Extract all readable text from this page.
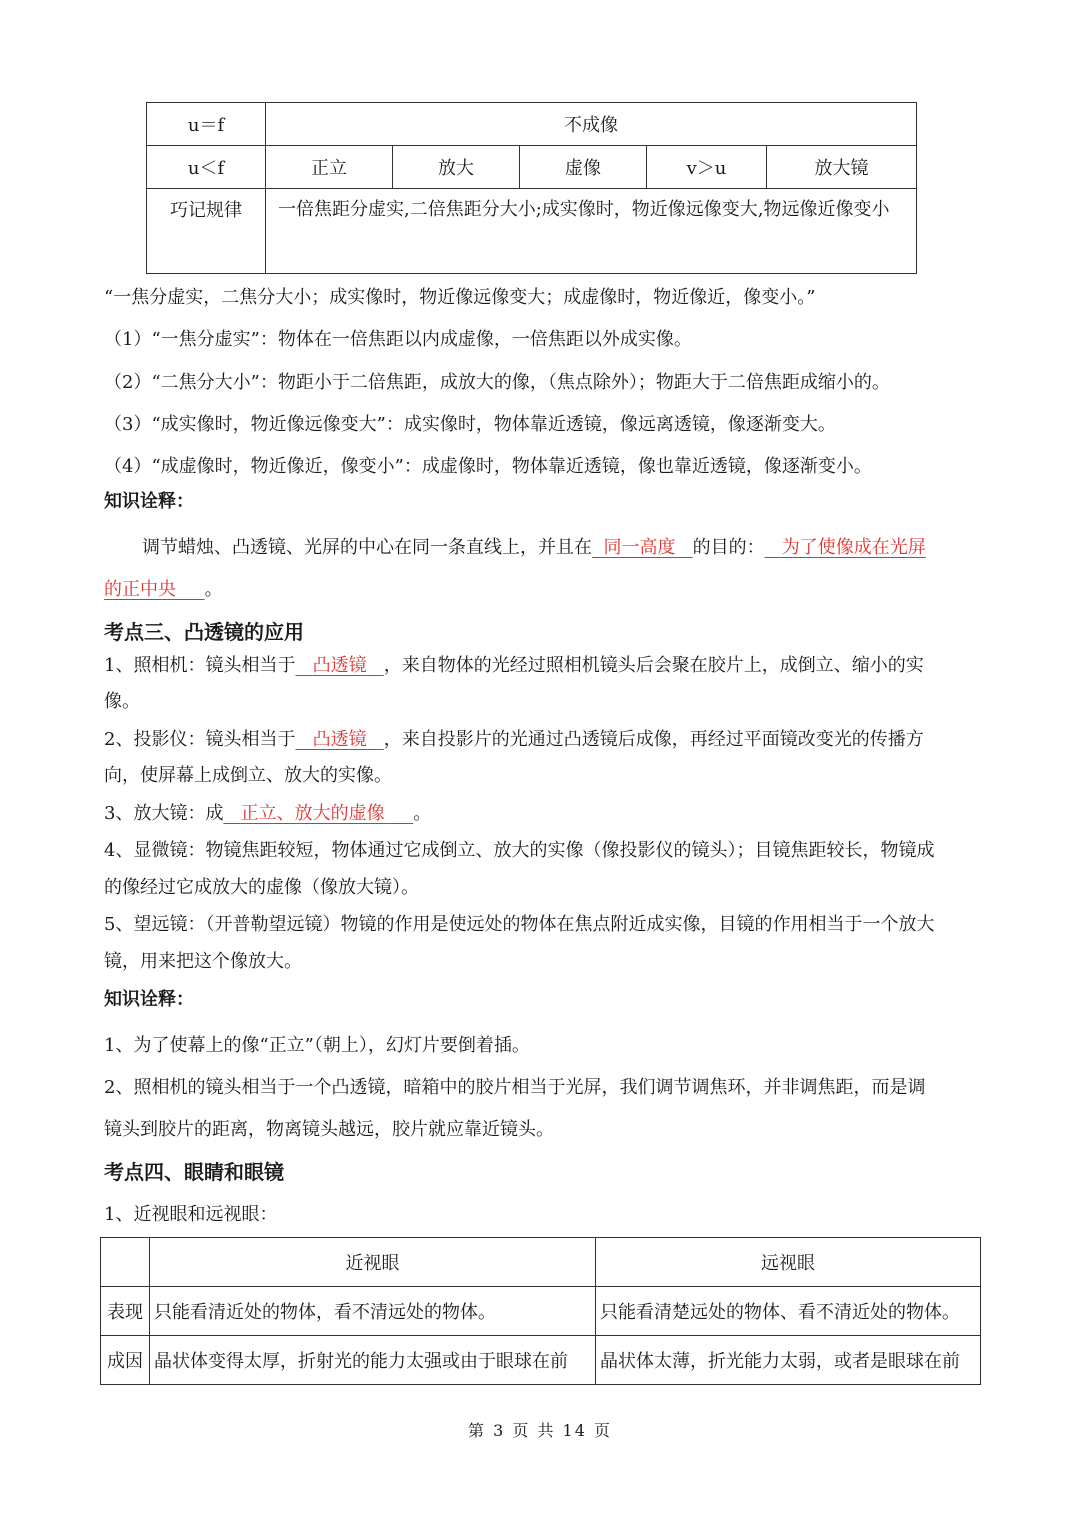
u＝f	不成像				
u＜f	正立	放大	虚像	v＞u	放大镜
巧记规律	一倍焦距分虚实,二倍焦距分大小;成实像时，物近像远像变大,物远像近像变小				
“一焦分虚实，二焦分大小；成实像时，物近像远像变大；成虚像时，物近像近，像变小。”
（1）“一焦分虚实”：物体在一倍焦距以内成虚像，一倍焦距以外成实像。
（2）“二焦分大小”：物距小于二倍焦距，成放大的像，（焦点除外）；物距大于二倍焦距成缩小的。
（3）“成实像时，物近像远像变大”：成实像时，物体靠近透镜，像远离透镜，像逐渐变大。
（4）“成虚像时，物近像近，像变小”：成虚像时，物体靠近透镜，像也靠近透镜，像逐渐变小。
知识诠释：
调节蜡烛、凸透镜、光屏的中心在同一条直线上，并且在 同一高度 的目的： 为了使像成在光屏
的正中央 。
考点三、凸透镜的应用
1、照相机：镜头相当于 凸透镜 ，来自物体的光经过照相机镜头后会聚在胶片上，成倒立、缩小的实
像。
2、投影仪：镜头相当于 凸透镜 ，来自投影片的光通过凸透镜后成像，再经过平面镜改变光的传播方
向，使屏幕上成倒立、放大的实像。
3、放大镜：成 正立、放大的虚像 。
4、显微镜：物镜焦距较短，物体通过它成倒立、放大的实像（像投影仪的镜头）；目镜焦距较长，物镜成
的像经过它成放大的虚像（像放大镜）。
5、望远镜：（开普勒望远镜）物镜的作用是使远处的物体在焦点附近成实像，目镜的作用相当于一个放大
镜，用来把这个像放大。
知识诠释：
1、为了使幕上的像“正立”（朝上），幻灯片要倒着插。
2、照相机的镜头相当于一个凸透镜，暗箱中的胶片相当于光屏，我们调节调焦环，并非调焦距，而是调
镜头到胶片的距离，物离镜头越远，胶片就应靠近镜头。
考点四、眼睛和眼镜
1、近视眼和远视眼：
	近视眼	远视眼
表现	只能看清近处的物体，看不清远处的物体。	只能看清楚远处的物体、看不清近处的物体。
成因	晶状体变得太厚，折射光的能力太强或由于眼球在前	晶状体太薄，折光能力太弱，或者是眼球在前
第 3 页 共 14 页
